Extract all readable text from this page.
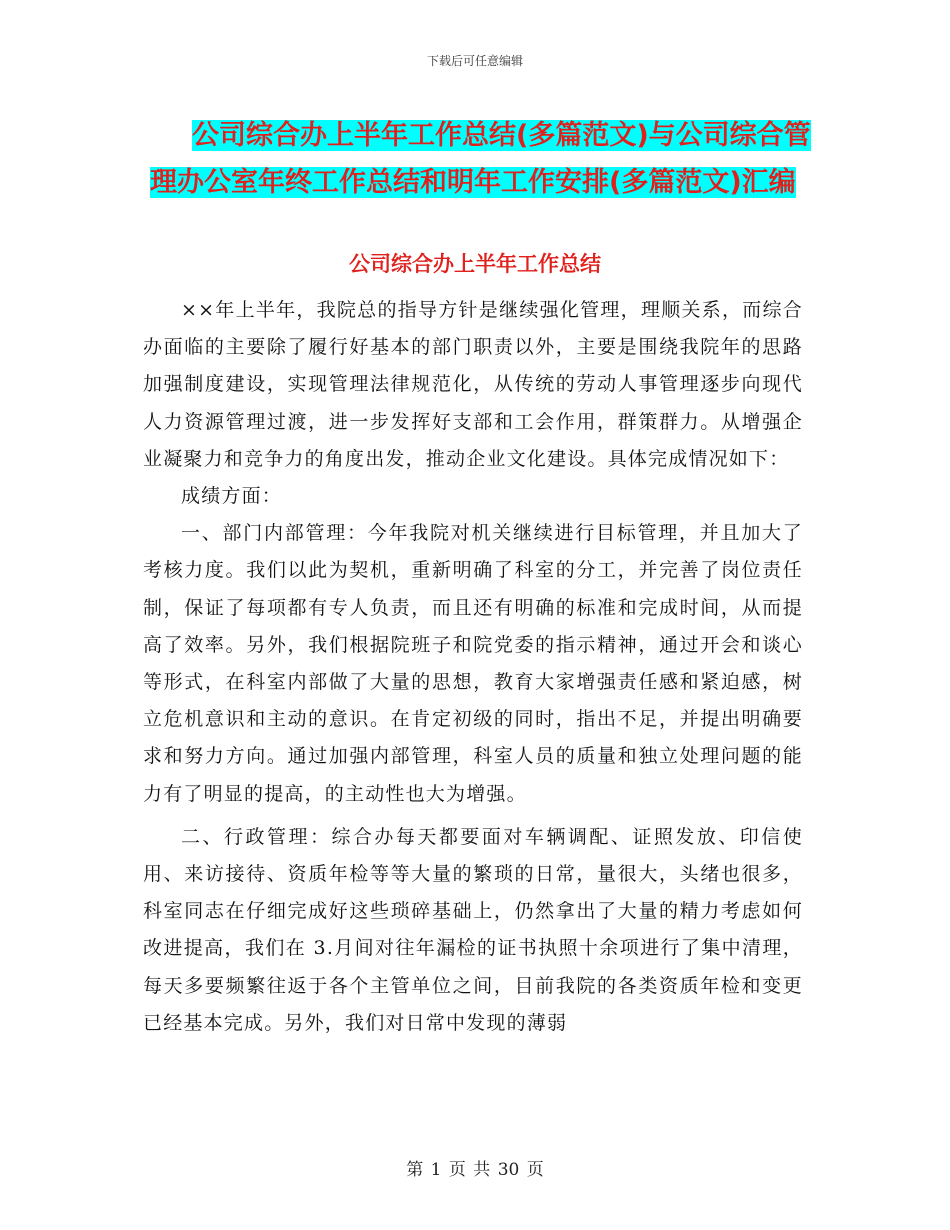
下载后可任意编辑
公司综合办上半年工作总结(多篇范文)与公司综合管
理办公室年终工作总结和明年工作安排(多篇范文)汇编
公司综合办上半年工作总结

××年上半年，我院总的指导方针是继续强化管理，理顺关系，而综合办面临的主要除了履行好基本的部门职责以外，主要是围绕我院年的思路加强制度建设，实现管理法律规范化，从传统的劳动人事管理逐步向现代人力资源管理过渡，进一步发挥好支部和工会作用，群策群力。从增强企业凝聚力和竞争力的角度出发，推动企业文化建设。具体完成情况如下：

成绩方面：

一、部门内部管理：今年我院对机关继续进行目标管理，并且加大了考核力度。我们以此为契机，重新明确了科室的分工，并完善了岗位责任制，保证了每项都有专人负责，而且还有明确的标准和完成时间，从而提高了效率。另外，我们根据院班子和院党委的指示精神，通过开会和谈心等形式，在科室内部做了大量的思想，教育大家增强责任感和紧迫感，树立危机意识和主动的意识。在肯定初级的同时，指出不足，并提出明确要求和努力方向。通过加强内部管理，科室人员的质量和独立处理问题的能力有了明显的提高，的主动性也大为增强。

二、行政管理：综合办每天都要面对车辆调配、证照发放、印信使用、来访接待、资质年检等等大量的繁琐的日常，量很大，头绪也很多，科室同志在仔细完成好这些琐碎基础上，仍然拿出了大量的精力考虑如何改进提高，我们在 3.月间对往年漏检的证书执照十余项进行了集中清理，每天多要频繁往返于各个主管单位之间，目前我院的各类资质年检和变更已经基本完成。另外，我们对日常中发现的薄弱

第 1 页 共 30 页
